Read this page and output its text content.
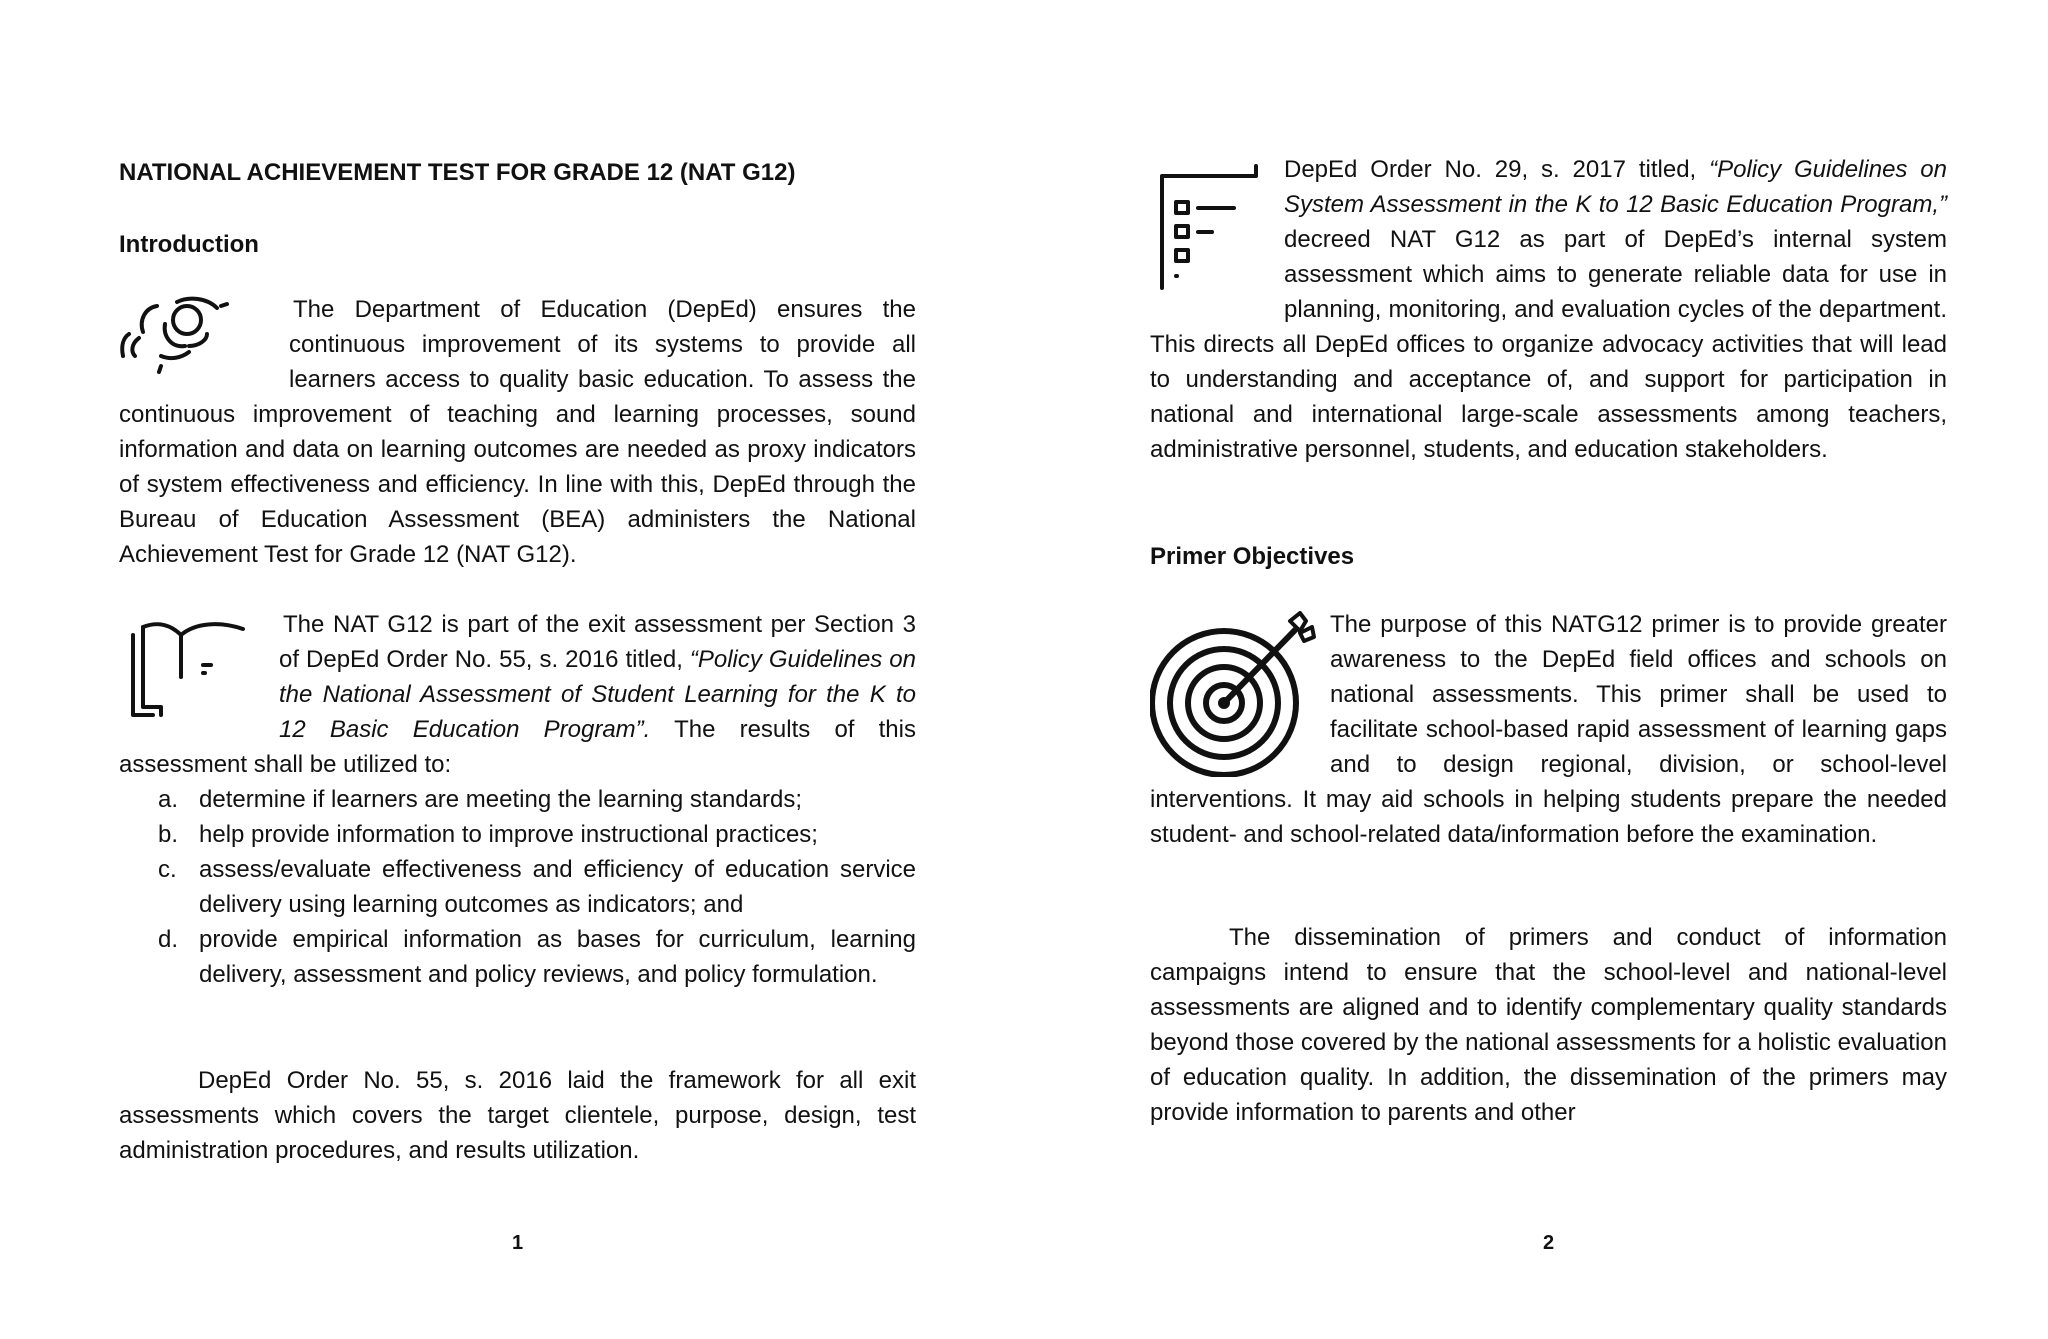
NATIONAL ACHIEVEMENT TEST FOR GRADE 12 (NAT G12)
Introduction

The Department of Education (DepEd) ensures the continuous improvement of its systems to provide all learners access to quality basic education. To assess the continuous improvement of teaching and learning processes, sound information and data on learning outcomes are needed as proxy indicators of system effectiveness and efficiency. In line with this, DepEd through the Bureau of Education Assessment (BEA) administers the National Achievement Test for Grade 12 (NAT G12).

The NAT G12 is part of the exit assessment per Section 3 of DepEd Order No. 55, s. 2016 titled, “Policy Guidelines on the National Assessment of Student Learning for the K to 12 Basic Education Program”. The results of this assessment shall be utilized to:

a. determine if learners are meeting the learning standards;
b. help provide information to improve instructional practices;
c. assess/evaluate effectiveness and efficiency of education service delivery using learning outcomes as indicators; and
d. provide empirical information as bases for curriculum, learning delivery, assessment and policy reviews, and policy formulation.

DepEd Order No. 55, s. 2016 laid the framework for all exit assessments which covers the target clientele, purpose, design, test administration procedures, and results utilization.

1

DepEd Order No. 29, s. 2017 titled, “Policy Guidelines on System Assessment in the K to 12 Basic Education Program,” decreed NAT G12 as part of DepEd’s internal system assessment which aims to generate reliable data for use in planning, monitoring, and evaluation cycles of the department. This directs all DepEd offices to organize advocacy activities that will lead to understanding and acceptance of, and support for participation in national and international large-scale assessments among teachers, administrative personnel, students, and education stakeholders.

Primer Objectives

The purpose of this NATG12 primer is to provide greater awareness to the DepEd field offices and schools on national assessments. This primer shall be used to facilitate school-based rapid assessment of learning gaps and to design regional, division, or school-level interventions. It may aid schools in helping students prepare the needed student- and school-related data/information before the examination.

The dissemination of primers and conduct of information campaigns intend to ensure that the school-level and national-level assessments are aligned and to identify complementary quality standards beyond those covered by the national assessments for a holistic evaluation of education quality. In addition, the dissemination of the primers may provide information to parents and other

2
